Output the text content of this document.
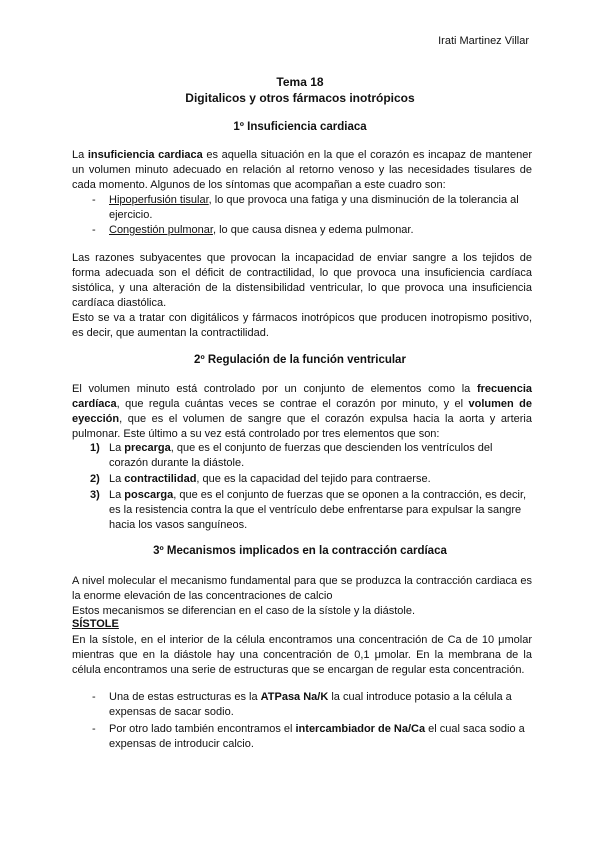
Irati Martinez Villar
Tema 18
Digitalicos y otros fármacos inotrópicos
1º Insuficiencia cardiaca
La insuficiencia cardiaca es aquella situación en la que el corazón es incapaz de mantener un volumen minuto adecuado en relación al retorno venoso y las necesidades tisulares de cada momento. Algunos de los síntomas que acompañan a este cuadro son:
- Hipoperfusión tisular, lo que provoca una fatiga y una disminución de la tolerancia al ejercicio.
- Congestión pulmonar, lo que causa disnea y edema pulmonar.
Las razones subyacentes que provocan la incapacidad de enviar sangre a los tejidos de forma adecuada son el déficit de contractilidad, lo que provoca una insuficiencia cardíaca sistólica, y una alteración de la distensibilidad ventricular, lo que provoca una insuficiencia cardíaca diastólica.
Esto se va a tratar con digitálicos y fármacos inotrópicos que producen inotropismo positivo, es decir, que aumentan la contractilidad.
2º Regulación de la función ventricular
El volumen minuto está controlado por un conjunto de elementos como la frecuencia cardíaca, que regula cuántas veces se contrae el corazón por minuto, y el volumen de eyección, que es el volumen de sangre que el corazón expulsa hacia la aorta y arteria pulmonar. Este último a su vez está controlado por tres elementos que son:
1) La precarga, que es el conjunto de fuerzas que descienden los ventrículos del corazón durante la diástole.
2) La contractilidad, que es la capacidad del tejido para contraerse.
3) La poscarga, que es el conjunto de fuerzas que se oponen a la contracción, es decir, es la resistencia contra la que el ventrículo debe enfrentarse para expulsar la sangre hacia los vasos sanguíneos.
3º Mecanismos implicados en la contracción cardíaca
A nivel molecular el mecanismo fundamental para que se produzca la contracción cardiaca es la enorme elevación de las concentraciones de calcio
Estos mecanismos se diferencian en el caso de la sístole y la diástole.
SÍSTOLE
En la sístole, en el interior de la célula encontramos una concentración de Ca de 10 μmolar mientras que en la diástole hay una concentración de 0,1 μmolar. En la membrana de la célula encontramos una serie de estructuras que se encargan de regular esta concentración.
- Una de estas estructuras es la ATPasa Na/K la cual introduce potasio a la célula a expensas de sacar sodio.
- Por otro lado también encontramos el intercambiador de Na/Ca el cual saca sodio a expensas de introducir calcio.
